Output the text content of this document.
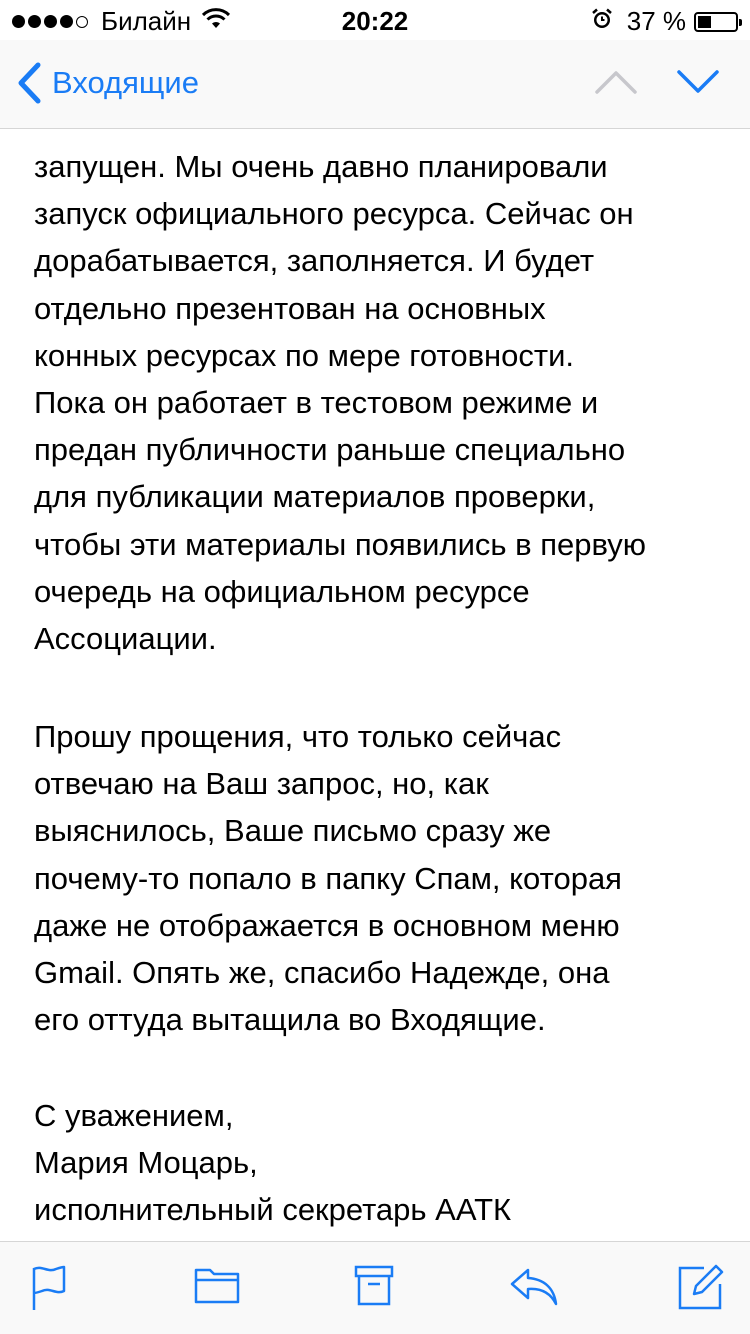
Билайн	20:22	37 %
Входящие
запущен. Мы очень давно планировали
запуск официального ресурса. Сейчас он
дорабатывается, заполняется. И будет
отдельно презентован на основных
конных ресурсах по мере готовности.
Пока он работает в тестовом режиме и
предан публичности раньше специально
для публикации материалов проверки,
чтобы эти материалы появились в первую
очередь на официальном ресурсе
Ассоциации.
Прошу прощения, что только сейчас
отвечаю на Ваш запрос, но, как
выяснилось, Ваше письмо сразу же
почему-то попало в папку Спам, которая
даже не отображается в основном меню
Gmail. Опять же, спасибо Надежде, она
его оттуда вытащила во Входящие.
С уважением,
Мария Моцарь,
исполнительный секретарь ААТК
